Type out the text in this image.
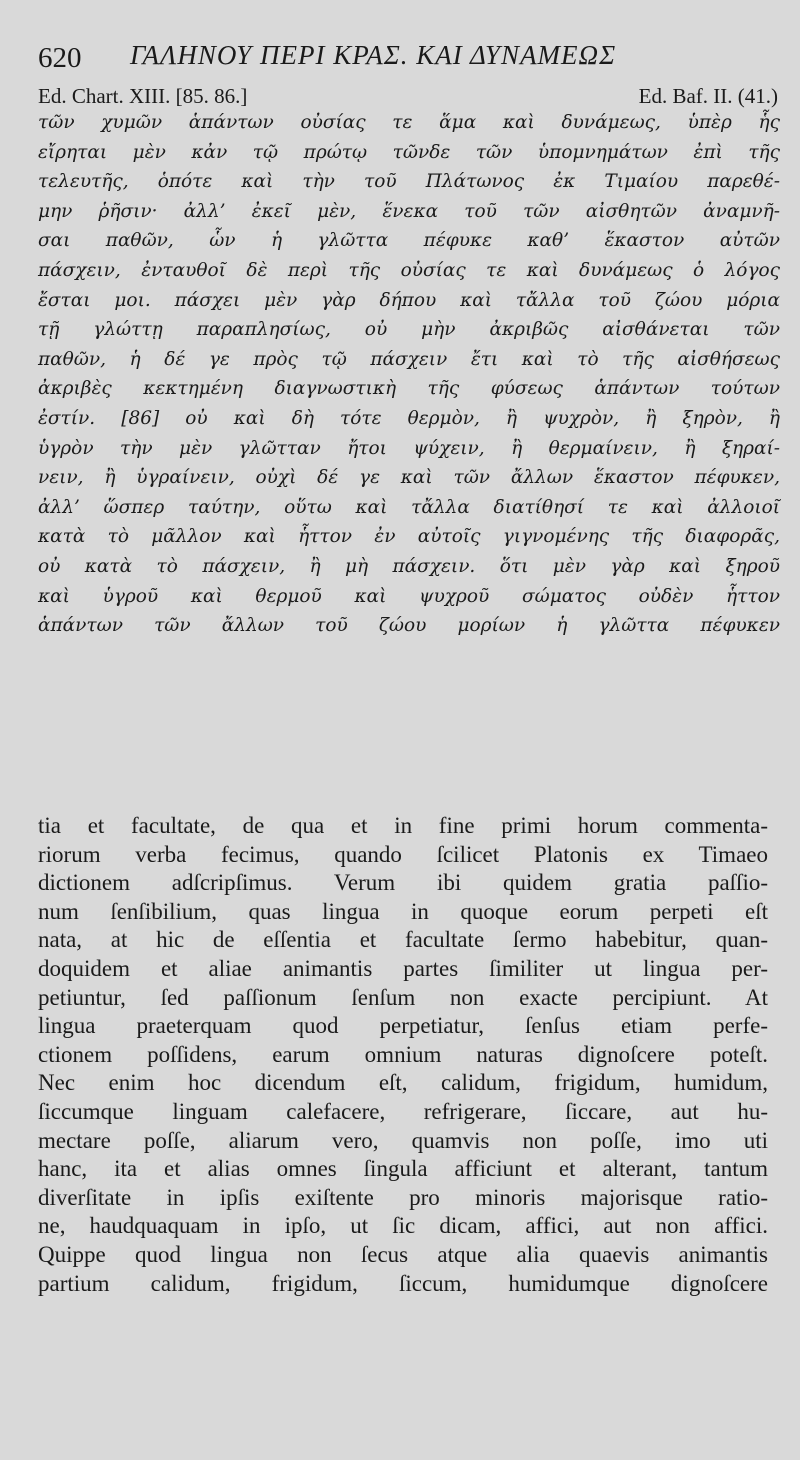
620 ΓΑΛΗΝΟΥ ΠΕΡΙ ΚΡΑΣ. ΚΑΙ ΔΥΝΑΜΕΩΣ
Ed. Chart. XIII. [85. 86.]	Ed. Baf. II. (41.)
τῶν χυμῶν ἁπάντων οὐσίας τε ἅμα καὶ δυνάμεως, ὑπὲρ ἧς
εἴρηται μὲν κἀν τῷ πρώτῳ τῶνδε τῶν ὑπομνημάτων ἐπὶ τῆς
τελευτῆς, ὁπότε καὶ τὴν τοῦ Πλάτωνος ἐκ Τιμαίου παρεθέ-
μην ῥῆσιν· ἀλλ’ ἐκεῖ μὲν, ἕνεκα τοῦ τῶν αἰσθητῶν ἀναμνῆ-
σαι παθῶν, ὧν ἡ γλῶττα πέφυκε καθ’ ἕκαστον αὐτῶν
πάσχειν, ἐνταυθοῖ δὲ περὶ τῆς οὐσίας τε καὶ δυνάμεως ὁ λόγος
ἔσται μοι. πάσχει μὲν γὰρ δήπου καὶ τἄλλα τοῦ ζώου μόρια
τῇ γλώττῃ παραπλησίως, οὐ μὴν ἀκριβῶς αἰσθάνεται τῶν
παθῶν, ἡ δέ γε πρὸς τῷ πάσχειν ἔτι καὶ τὸ τῆς αἰσθήσεως
ἀκριβὲς κεκτημένη διαγνωστικὴ τῆς φύσεως ἁπάντων τούτων
ἐστίν. [86] οὐ καὶ δὴ τότε θερμὸν, ἢ ψυχρὸν, ἢ ξηρὸν, ἢ
ὑγρὸν τὴν μὲν γλῶτταν ἤτοι ψύχειν, ἢ θερμαίνειν, ἢ ξηραί-
νειν, ἢ ὑγραίνειν, οὐχὶ δέ γε καὶ τῶν ἄλλων ἕκαστον πέφυκεν,
ἀλλ’ ὥσπερ ταύτην, οὕτω καὶ τἄλλα διατίθησί τε καὶ ἀλλοιοῖ
κατὰ τὸ μᾶλλον καὶ ἧττον ἐν αὐτοῖς γιγνομένης τῆς διαφορᾶς,
οὐ κατὰ τὸ πάσχειν, ἢ μὴ πάσχειν. ὅτι μὲν γὰρ καὶ ξηροῦ
καὶ ὑγροῦ καὶ θερμοῦ καὶ ψυχροῦ σώματος οὐδὲν ἧττον
ἁπάντων τῶν ἄλλων τοῦ ζώου μορίων ἡ γλῶττα πέφυκεν
tia et facultate, de qua et in fine primi horum commenta-
riorum verba fecimus, quando ſcilicet Platonis ex Timaeo
dictionem adſcripſimus. Verum ibi quidem gratia paſſio-
num ſenſibilium, quas lingua in quoque eorum perpeti eſt
nata, at hic de eſſentia et facultate ſermo habebitur, quan-
doquidem et aliae animantis partes ſimiliter ut lingua per-
petiuntur, ſed paſſionum ſenſum non exacte percipiunt. At
lingua praeterquam quod perpetiatur, ſenſus etiam perfe-
ctionem poſſidens, earum omnium naturas dignoſcere poteſt.
Nec enim hoc dicendum eſt, calidum, frigidum, humidum,
ſiccumque linguam calefacere, refrigerare, ſiccare, aut hu-
mectare poſſe, aliarum vero, quamvis non poſſe, imo uti
hanc, ita et alias omnes ſingula afficiunt et alterant, tantum
diverſitate in ipſis exiſtente pro minoris majorisque ratio-
ne, haudquaquam in ipſo, ut ſic dicam, affici, aut non affici.
Quippe quod lingua non ſecus atque alia quaevis animantis
partium calidum, frigidum, ſiccum, humidumque dignoſcere
